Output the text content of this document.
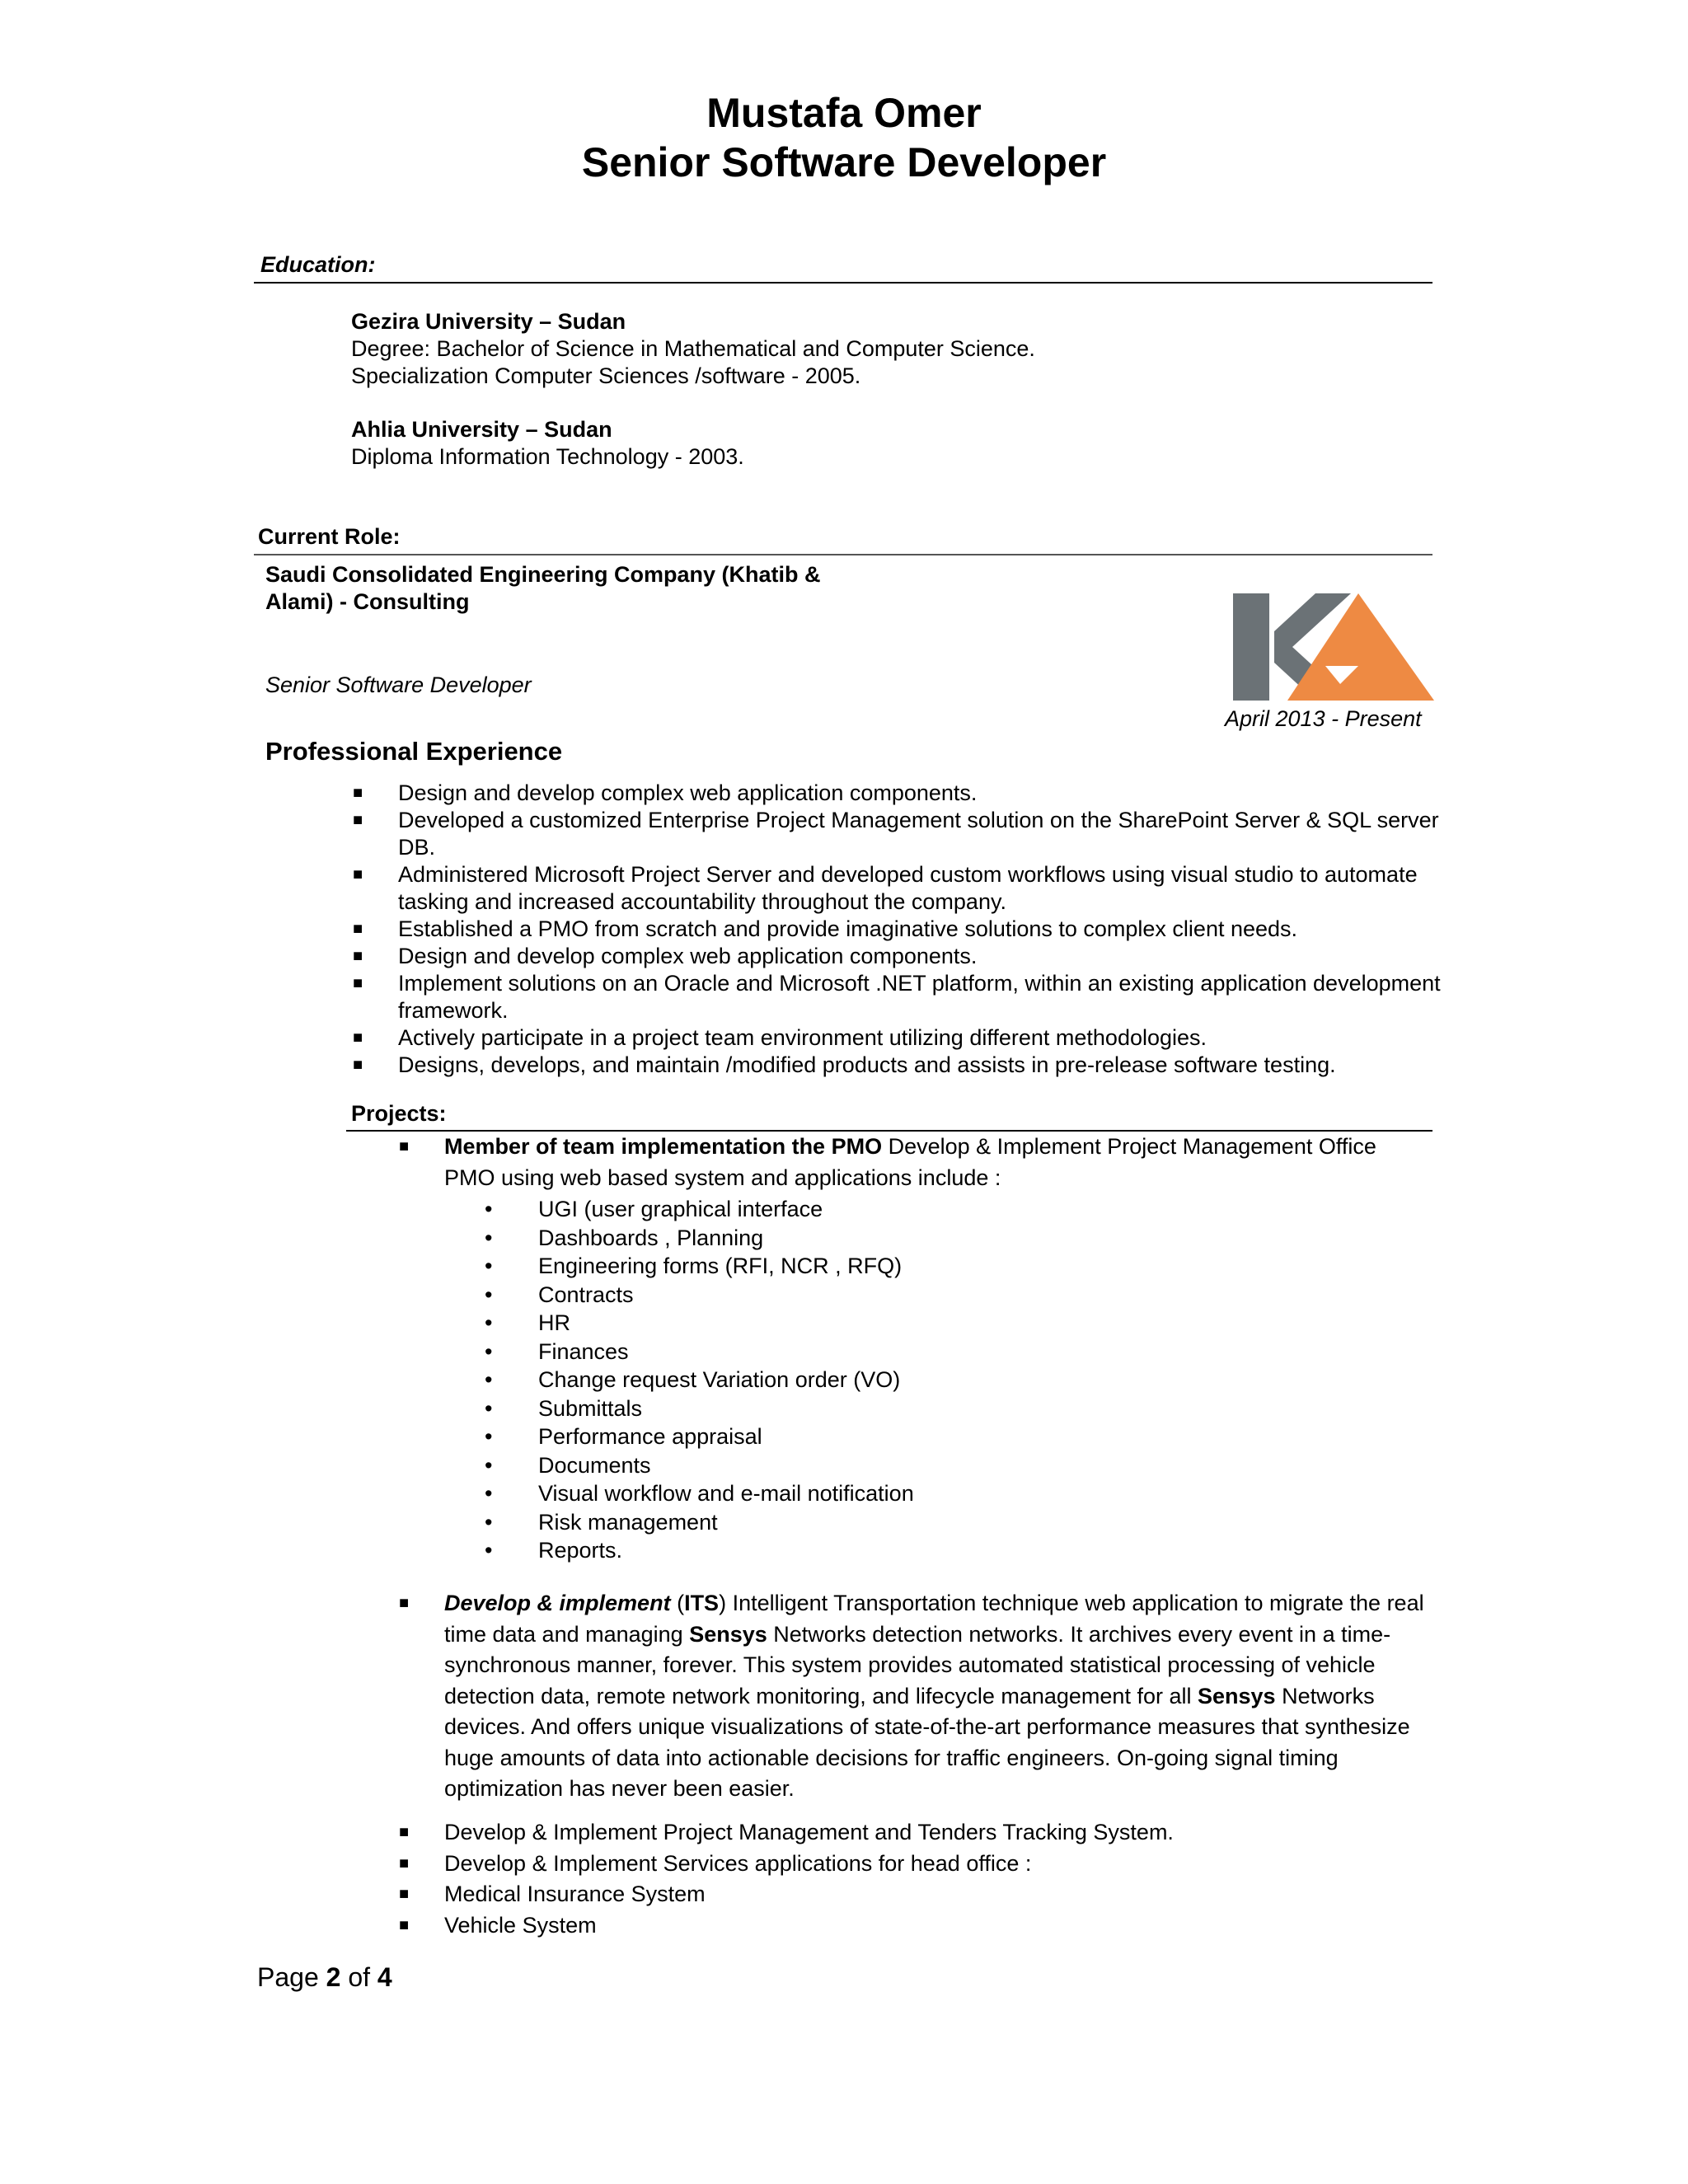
Mustafa Omer
Senior Software Developer
Education:
Gezira University – Sudan
Degree: Bachelor of Science in Mathematical and Computer Science.
Specialization Computer Sciences /software - 2005.
Ahlia University – Sudan
Diploma Information Technology - 2003.
Current Role:
Saudi Consolidated Engineering Company (Khatib &
Alami) - Consulting
Senior Software Developer
April 2013 - Present
Professional Experience
■ Design and develop complex web application components.
■ Developed a customized Enterprise Project Management solution on the SharePoint Server & SQL server DB.
■ Administered Microsoft Project Server and developed custom workflows using visual studio to automate tasking and increased accountability throughout the company.
■ Established a PMO from scratch and provide imaginative solutions to complex client needs.
■ Design and develop complex web application components.
■ Implement solutions on an Oracle and Microsoft .NET platform, within an existing application development framework.
■ Actively participate in a project team environment utilizing different methodologies.
■ Designs, develops, and maintain /modified products and assists in pre-release software testing.
Projects:
■ Member of team implementation the PMO Develop & Implement Project Management Office PMO using web based system and applications include :
• UGI (user graphical interface
• Dashboards , Planning
• Engineering forms (RFI, NCR , RFQ)
• Contracts
• HR
• Finances
• Change request Variation order (VO)
• Submittals
• Performance appraisal
• Documents
• Visual workflow and e-mail notification
• Risk management
• Reports.
■ Develop & implement (ITS) Intelligent Transportation technique web application to migrate the real time data and managing Sensys Networks detection networks. It archives every event in a time-synchronous manner, forever. This system provides automated statistical processing of vehicle detection data, remote network monitoring, and lifecycle management for all Sensys Networks devices. And offers unique visualizations of state-of-the-art performance measures that synthesize huge amounts of data into actionable decisions for traffic engineers. On-going signal timing optimization has never been easier.
■ Develop & Implement Project Management and Tenders Tracking System.
■ Develop & Implement Services applications for head office :
■ Medical Insurance System
■ Vehicle System
Page 2 of 4
